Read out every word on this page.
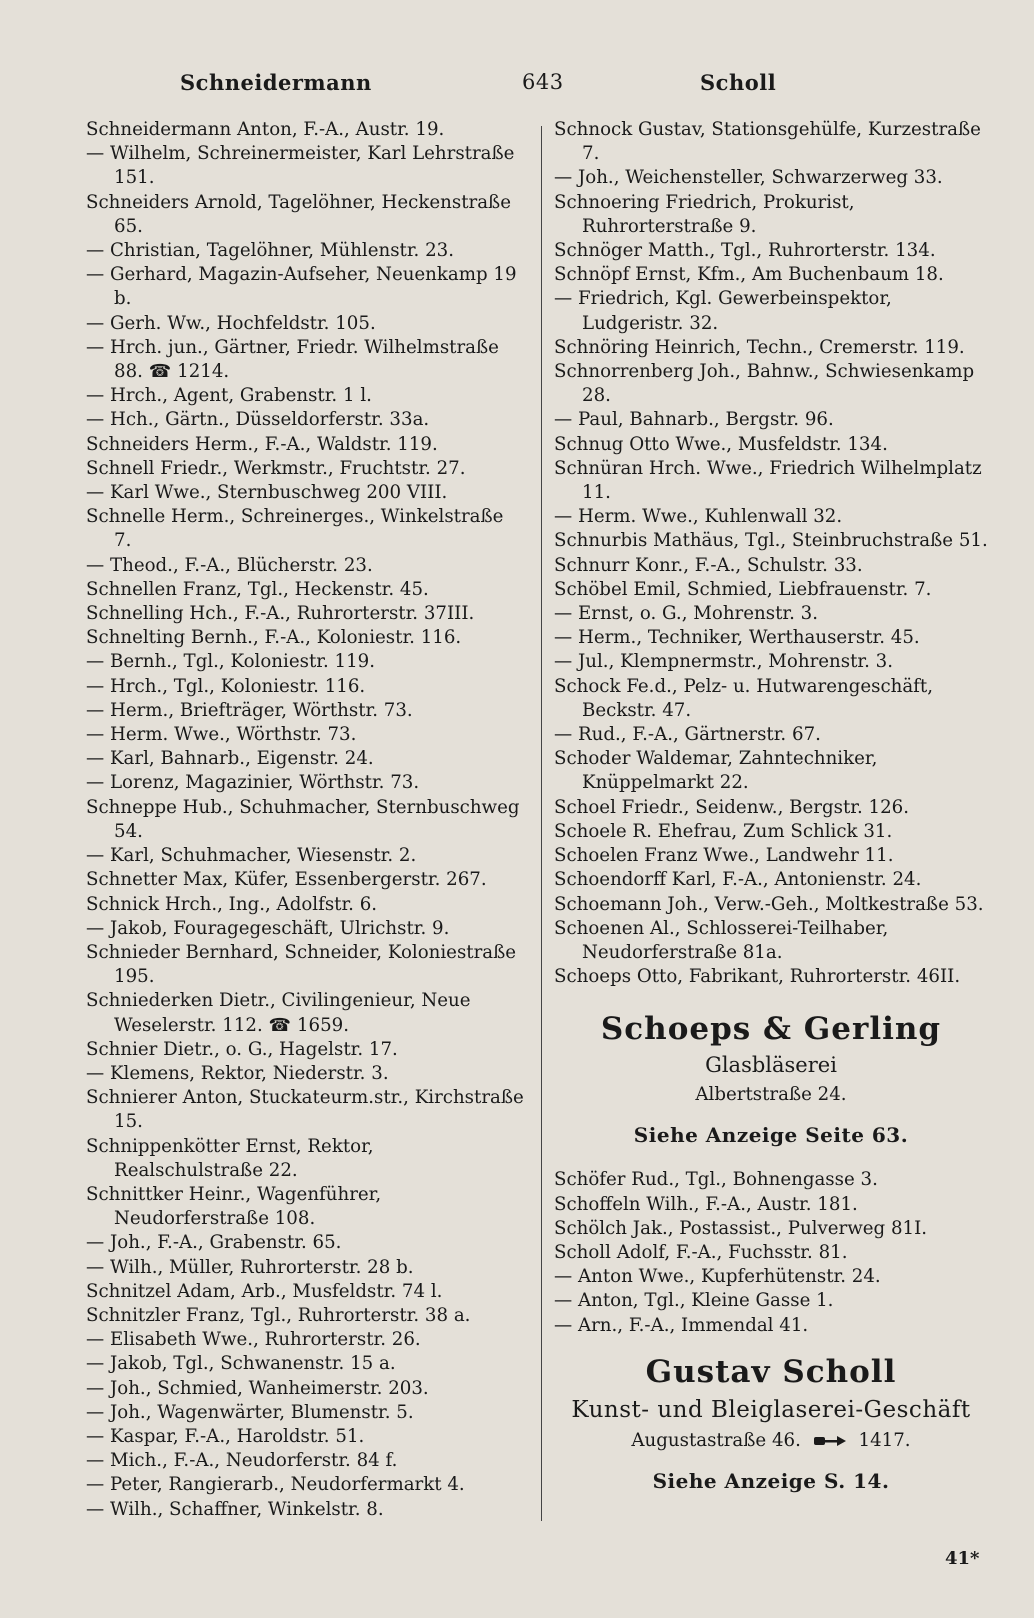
Schneidermann	643	Scholl
Schneidermann Anton, F.-A., Austr. 19.
— Wilhelm, Schreinermeister, Karl Lehrstraße 151.
Schneiders Arnold, Tagelöhner, Heckenstraße 65.
— Christian, Tagelöhner, Mühlenstr. 23.
— Gerhard, Magazin-Aufseher, Neuenkamp 19 b.
— Gerh. Ww., Hochfeldstr. 105.
— Hrch. jun., Gärtner, Friedr. Wilhelmstraße 88. ☎ 1214.
— Hrch., Agent, Grabenstr. 1 l.
— Hch., Gärtn., Düsseldorferstr. 33a.
Schneiders Herm., F.-A., Waldstr. 119.
Schnell Friedr., Werkmstr., Fruchtstr. 27.
— Karl Wwe., Sternbuschweg 200 VIII.
Schnelle Herm., Schreinerges., Winkelstraße 7.
— Theod., F.-A., Blücherstr. 23.
Schnellen Franz, Tgl., Heckenstr. 45.
Schnelling Hch., F.-A., Ruhrorterstr. 37III.
Schnelting Bernh., F.-A., Koloniestr. 116.
— Bernh., Tgl., Koloniestr. 119.
— Hrch., Tgl., Koloniestr. 116.
— Herm., Briefträger, Wörthstr. 73.
— Herm. Wwe., Wörthstr. 73.
— Karl, Bahnarb., Eigenstr. 24.
— Lorenz, Magazinier, Wörthstr. 73.
Schneppe Hub., Schuhmacher, Sternbuschweg 54.
— Karl, Schuhmacher, Wiesenstr. 2.
Schnetter Max, Küfer, Essenbergerstr. 267.
Schnick Hrch., Ing., Adolfstr. 6.
— Jakob, Fouragegeschäft, Ulrichstr. 9.
Schnieder Bernhard, Schneider, Koloniestraße 195.
Schniederken Dietr., Civilingenieur, Neue Weselerstr. 112. ☎ 1659.
Schnier Dietr., o. G., Hagelstr. 17.
— Klemens, Rektor, Niederstr. 3.
Schnierer Anton, Stuckateurm.str., Kirchstraße 15.
Schnippenkötter Ernst, Rektor, Realschulstraße 22.
Schnittker Heinr., Wagenführer, Neudorferstraße 108.
— Joh., F.-A., Grabenstr. 65.
— Wilh., Müller, Ruhrorterstr. 28 b.
Schnitzel Adam, Arb., Musfeldstr. 74 l.
Schnitzler Franz, Tgl., Ruhrorterstr. 38 a.
— Elisabeth Wwe., Ruhrorterstr. 26.
— Jakob, Tgl., Schwanenstr. 15 a.
— Joh., Schmied, Wanheimerstr. 203.
— Joh., Wagenwärter, Blumenstr. 5.
— Kaspar, F.-A., Haroldstr. 51.
— Mich., F.-A., Neudorferstr. 84 f.
— Peter, Rangierarb., Neudorfermarkt 4.
— Wilh., Schaffner, Winkelstr. 8.
Schnock Gustav, Stationsgehülfe, Kurzestraße 7.
— Joh., Weichensteller, Schwarzerweg 33.
Schnoering Friedrich, Prokurist, Ruhrorterstraße 9.
Schnöger Matth., Tgl., Ruhrorterstr. 134.
Schnöpf Ernst, Kfm., Am Buchenbaum 18.
— Friedrich, Kgl. Gewerbeinspektor, Ludgeristr. 32.
Schnöring Heinrich, Techn., Cremerstr. 119.
Schnorrenberg Joh., Bahnw., Schwiesenkamp 28.
— Paul, Bahnarb., Bergstr. 96.
Schnug Otto Wwe., Musfeldstr. 134.
Schnüran Hrch. Wwe., Friedrich Wilhelmplatz 11.
— Herm. Wwe., Kuhlenwall 32.
Schnurbis Mathäus, Tgl., Steinbruchstraße 51.
Schnurr Konr., F.-A., Schulstr. 33.
Schöbel Emil, Schmied, Liebfrauenstr. 7.
— Ernst, o. G., Mohrenstr. 3.
— Herm., Techniker, Werthauserstr. 45.
— Jul., Klempnermstr., Mohrenstr. 3.
Schock Fe.d., Pelz- u. Hutwarengeschäft, Beckstr. 47.
— Rud., F.-A., Gärtnerstr. 67.
Schoder Waldemar, Zahntechniker, Knüppelmarkt 22.
Schoel Friedr., Seidenw., Bergstr. 126.
Schoele R. Ehefrau, Zum Schlick 31.
Schoelen Franz Wwe., Landwehr 11.
Schoendorff Karl, F.-A., Antonienstr. 24.
Schoemann Joh., Verw.-Geh., Moltkestraße 53.
Schoenen Al., Schlosserei-Teilhaber, Neudorferstraße 81a.
Schoeps Otto, Fabrikant, Ruhrorterstr. 46II.
Schoeps & Gerling
Glasbläserei
Albertstraße 24.
Siehe Anzeige Seite 63.
Schöfer Rud., Tgl., Bohnengasse 3.
Schoffeln Wilh., F.-A., Austr. 181.
Schölch Jak., Postassist., Pulverweg 81I.
Scholl Adolf, F.-A., Fuchsstr. 81.
— Anton Wwe., Kupferhütenstr. 24.
— Anton, Tgl., Kleine Gasse 1.
— Arn., F.-A., Immendal 41.
Gustav Scholl
Kunst- und Bleiglaserei-Geschäft
Augustastraße 46.	1417.
Siehe Anzeige S. 14.
41*
